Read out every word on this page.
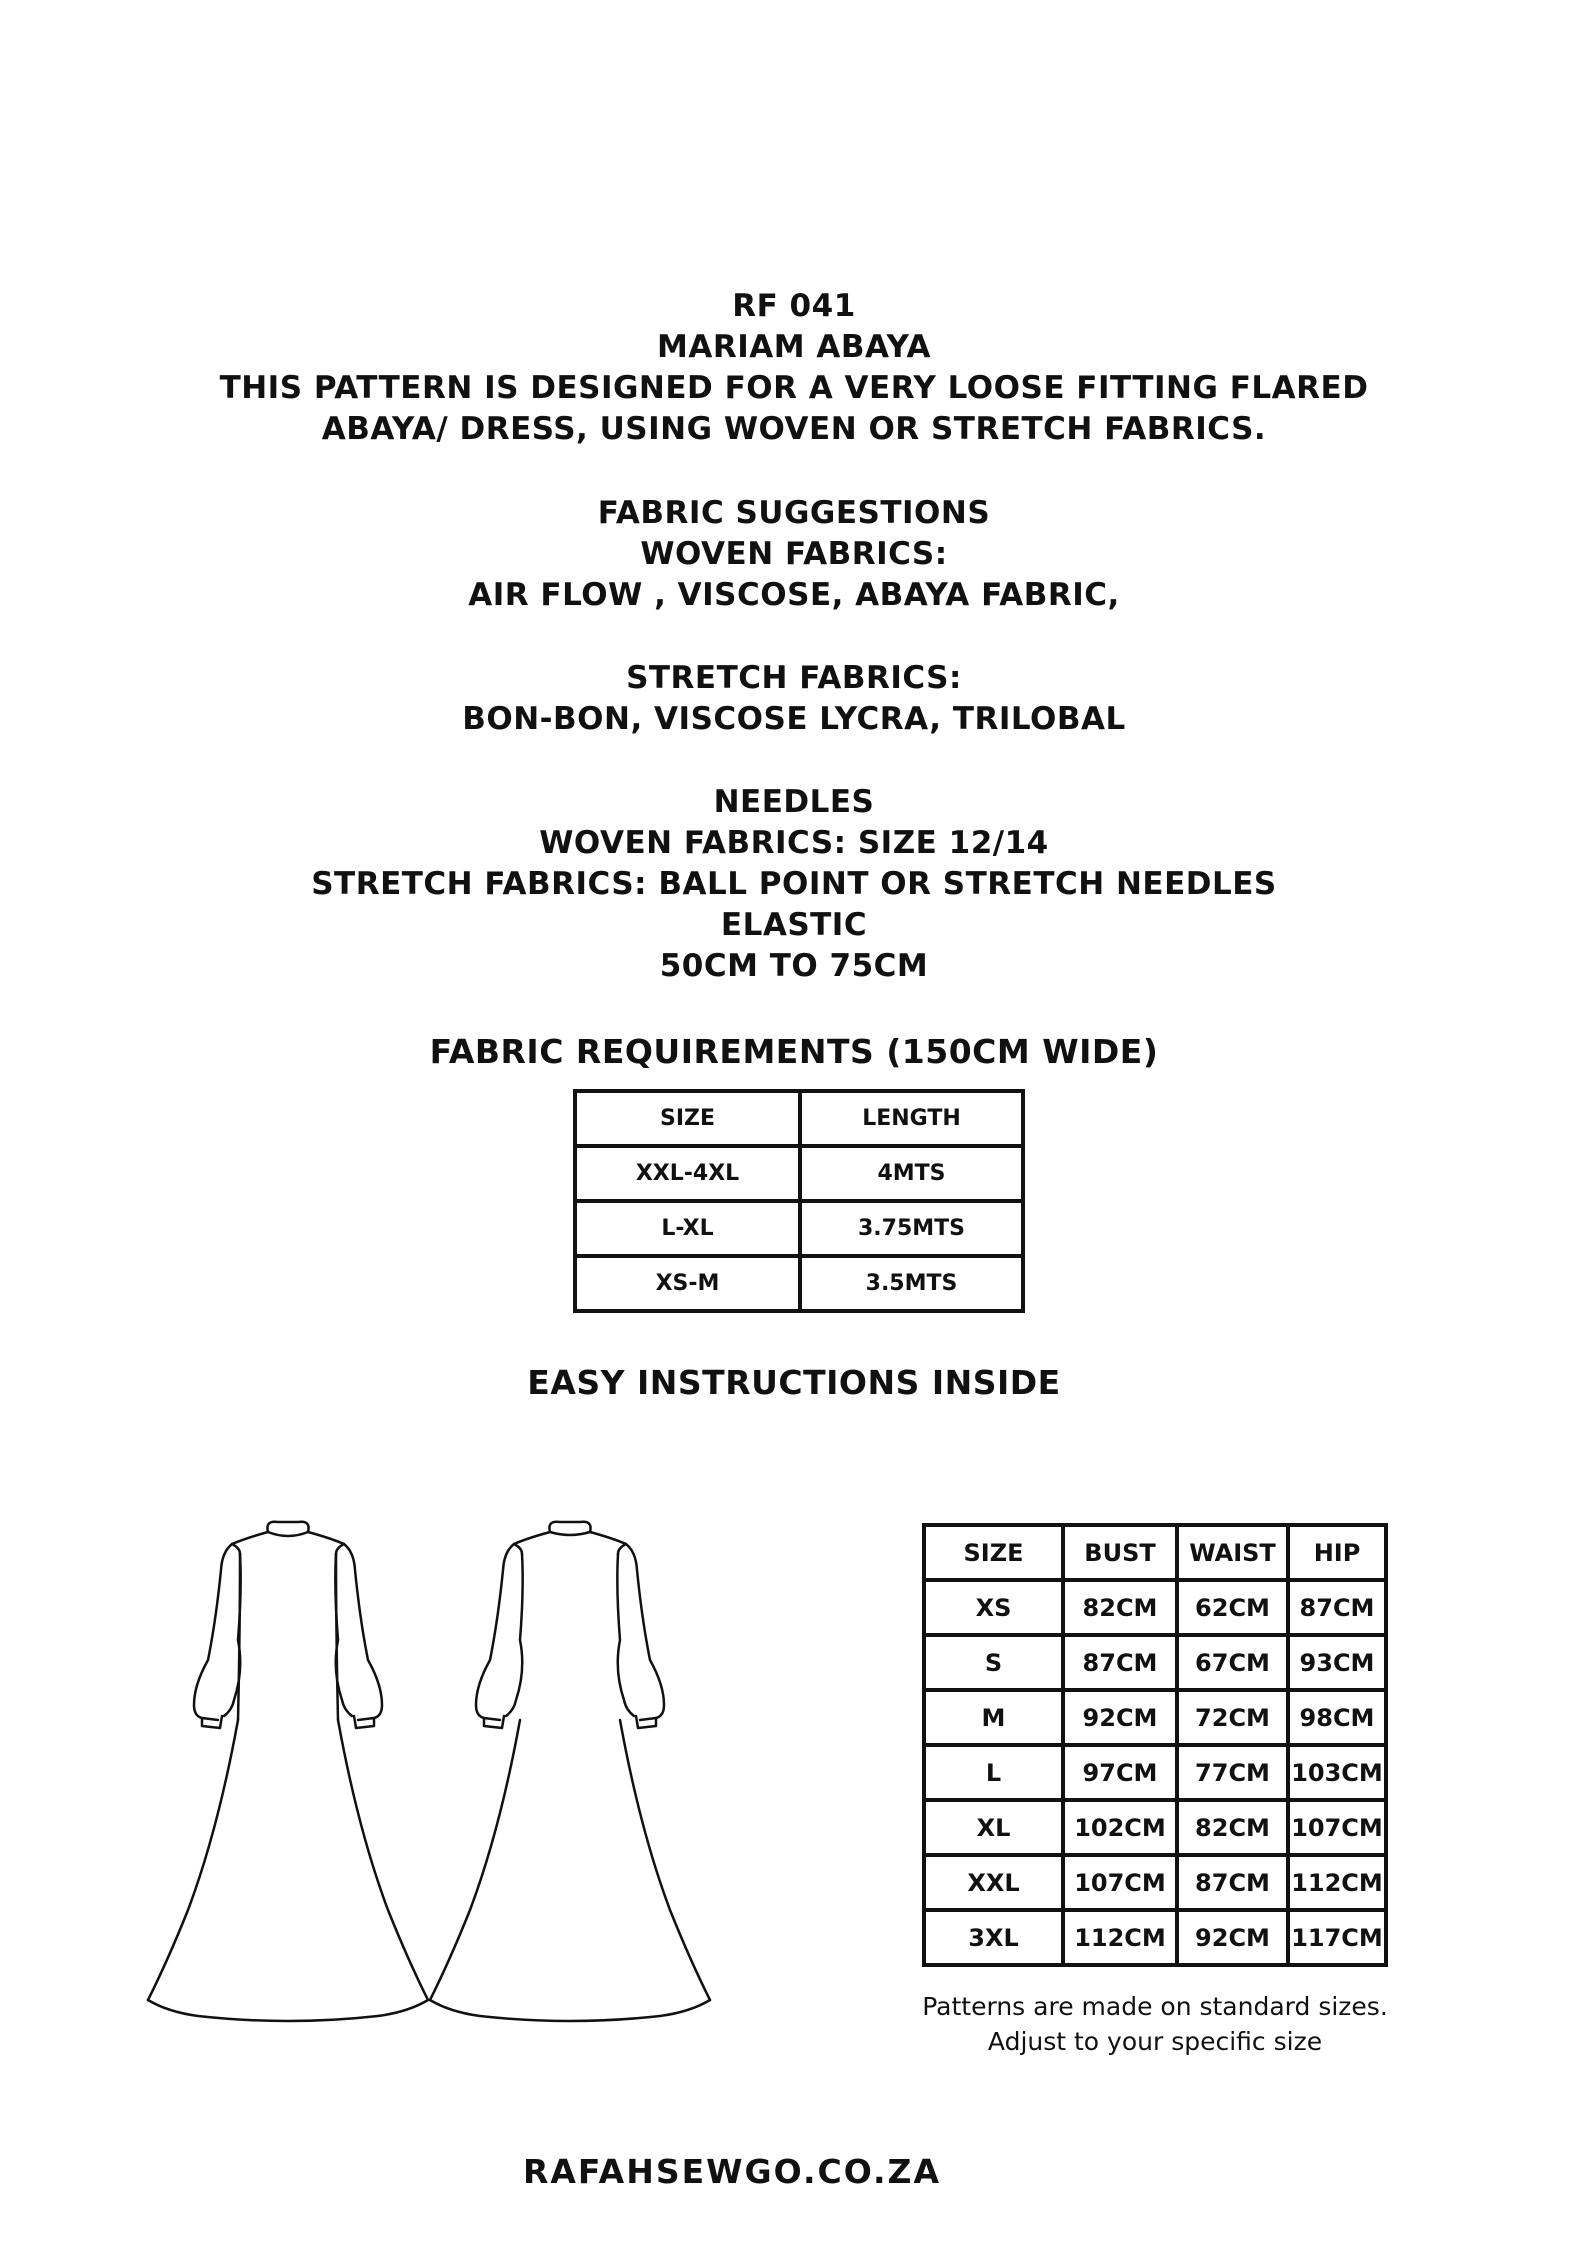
RF 041
MARIAM ABAYA
THIS PATTERN IS DESIGNED FOR A VERY LOOSE FITTING FLARED
ABAYA/ DRESS, USING WOVEN OR STRETCH FABRICS.
FABRIC SUGGESTIONS
WOVEN FABRICS:
AIR FLOW , VISCOSE, ABAYA FABRIC,
STRETCH FABRICS:
BON-BON, VISCOSE LYCRA, TRILOBAL
NEEDLES
WOVEN FABRICS: SIZE 12/14
STRETCH FABRICS: BALL POINT OR STRETCH NEEDLES
ELASTIC
50CM TO 75CM
FABRIC REQUIREMENTS (150CM WIDE)
SIZE	LENGTH
XXL-4XL	4MTS
L-XL	3.75MTS
XS-M	3.5MTS
EASY INSTRUCTIONS INSIDE
SIZE	BUST	WAIST	HIP
XS	82CM	62CM	87CM
S	87CM	67CM	93CM
M	92CM	72CM	98CM
L	97CM	77CM	103CM
XL	102CM	82CM	107CM
XXL	107CM	87CM	112CM
3XL	112CM	92CM	117CM
Patterns are made on standard sizes.
Adjust to your specific size
RAFAHSEWGO.CO.ZA
